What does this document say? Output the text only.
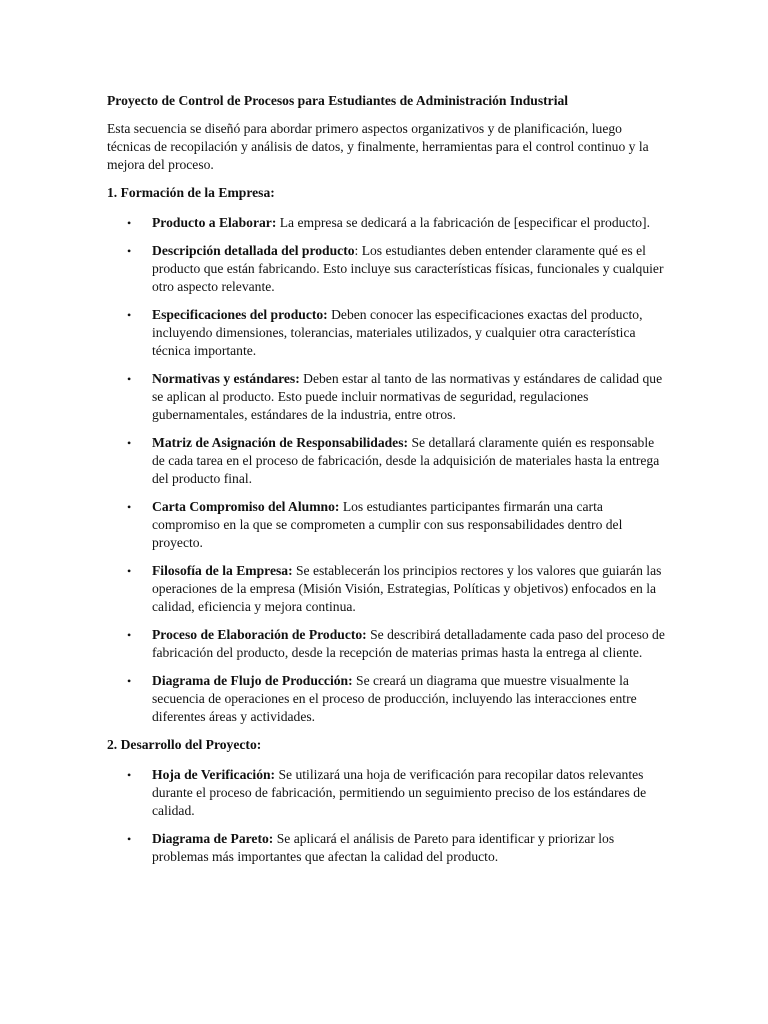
Proyecto de Control de Procesos para Estudiantes de Administración Industrial

Esta secuencia se diseñó para abordar primero aspectos organizativos y de planificación, luego técnicas de recopilación y análisis de datos, y finalmente, herramientas para el control continuo y la mejora del proceso.

1. Formación de la Empresa:

• Producto a Elaborar: La empresa se dedicará a la fabricación de [especificar el producto].
• Descripción detallada del producto: Los estudiantes deben entender claramente qué es el producto que están fabricando. Esto incluye sus características físicas, funcionales y cualquier otro aspecto relevante.
• Especificaciones del producto: Deben conocer las especificaciones exactas del producto, incluyendo dimensiones, tolerancias, materiales utilizados, y cualquier otra característica técnica importante.
• Normativas y estándares: Deben estar al tanto de las normativas y estándares de calidad que se aplican al producto. Esto puede incluir normativas de seguridad, regulaciones gubernamentales, estándares de la industria, entre otros.
• Matriz de Asignación de Responsabilidades: Se detallará claramente quién es responsable de cada tarea en el proceso de fabricación, desde la adquisición de materiales hasta la entrega del producto final.
• Carta Compromiso del Alumno: Los estudiantes participantes firmarán una carta compromiso en la que se comprometen a cumplir con sus responsabilidades dentro del proyecto.
• Filosofía de la Empresa: Se establecerán los principios rectores y los valores que guiarán las operaciones de la empresa (Misión Visión, Estrategias, Políticas y objetivos) enfocados en la calidad, eficiencia y mejora continua.
• Proceso de Elaboración de Producto: Se describirá detalladamente cada paso del proceso de fabricación del producto, desde la recepción de materias primas hasta la entrega al cliente.
• Diagrama de Flujo de Producción: Se creará un diagrama que muestre visualmente la secuencia de operaciones en el proceso de producción, incluyendo las interacciones entre diferentes áreas y actividades.

2. Desarrollo del Proyecto:

• Hoja de Verificación: Se utilizará una hoja de verificación para recopilar datos relevantes durante el proceso de fabricación, permitiendo un seguimiento preciso de los estándares de calidad.
• Diagrama de Pareto: Se aplicará el análisis de Pareto para identificar y priorizar los problemas más importantes que afectan la calidad del producto.
